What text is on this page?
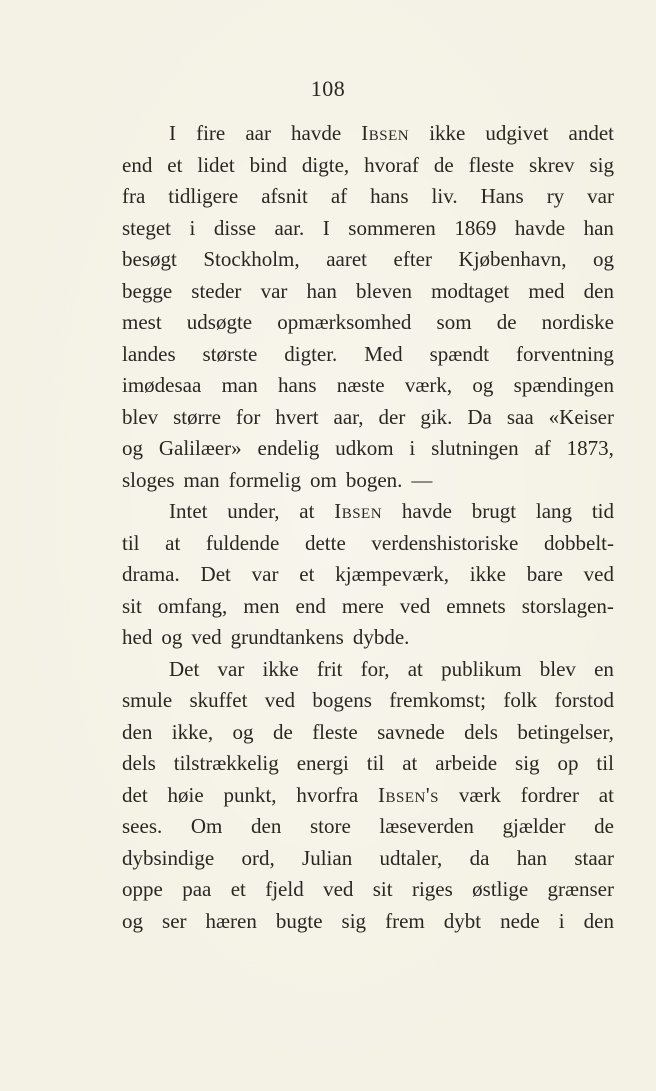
108
I fire aar havde Ibsen ikke udgivet andet
end et lidet bind digte, hvoraf de fleste skrev sig
fra tidligere afsnit af hans liv. Hans ry var
steget i disse aar. I sommeren 1869 havde han
besøgt Stockholm, aaret efter Kjøbenhavn, og
begge steder var han bleven modtaget med den
mest udsøgte opmærksomhed som de nordiske
landes største digter. Med spændt forventning
imødesaa man hans næste værk, og spændingen
blev større for hvert aar, der gik. Da saa «Keiser
og Galilæer» endelig udkom i slutningen af 1873,
sloges man formelig om bogen. —
Intet under, at Ibsen havde brugt lang tid
til at fuldende dette verdenshistoriske dobbelt-
drama. Det var et kjæmpeværk, ikke bare ved
sit omfang, men end mere ved emnets storslagen-
hed og ved grundtankens dybde.
Det var ikke frit for, at publikum blev en
smule skuffet ved bogens fremkomst; folk forstod
den ikke, og de fleste savnede dels betingelser,
dels tilstrækkelig energi til at arbeide sig op til
det høie punkt, hvorfra Ibsen's værk fordrer at
sees. Om den store læseverden gjælder de
dybsindige ord, Julian udtaler, da han staar
oppe paa et fjeld ved sit riges østlige grænser
og ser hæren bugte sig frem dybt nede i den
